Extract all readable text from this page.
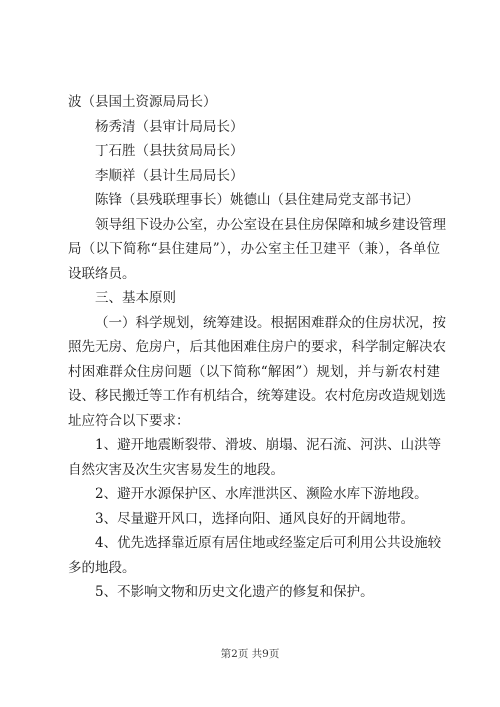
波（县国土资源局局长）
杨秀清（县审计局局长）
丁石胜（县扶贫局局长）
李顺祥（县计生局局长）
陈锋（县残联理事长）姚德山（县住建局党支部书记）
领导组下设办公室，办公室设在县住房保障和城乡建设管理
局（以下简称“县住建局”），办公室主任卫建平（兼），各单位
设联络员。
三、基本原则
（一）科学规划，统筹建设。根据困难群众的住房状况，按
照先无房、危房户，后其他困难住房户的要求，科学制定解决农
村困难群众住房问题（以下简称“解困”）规划，并与新农村建
设、移民搬迁等工作有机结合，统筹建设。农村危房改造规划选
址应符合以下要求：
1、避开地震断裂带、滑坡、崩塌、泥石流、河洪、山洪等
自然灾害及次生灾害易发生的地段。
2、避开水源保护区、水库泄洪区、濒险水库下游地段。
3、尽量避开风口，选择向阳、通风良好的开阔地带。
4、优先选择靠近原有居住地或经鉴定后可利用公共设施较
多的地段。
5、不影响文物和历史文化遗产的修复和保护。
第2页 共9页
